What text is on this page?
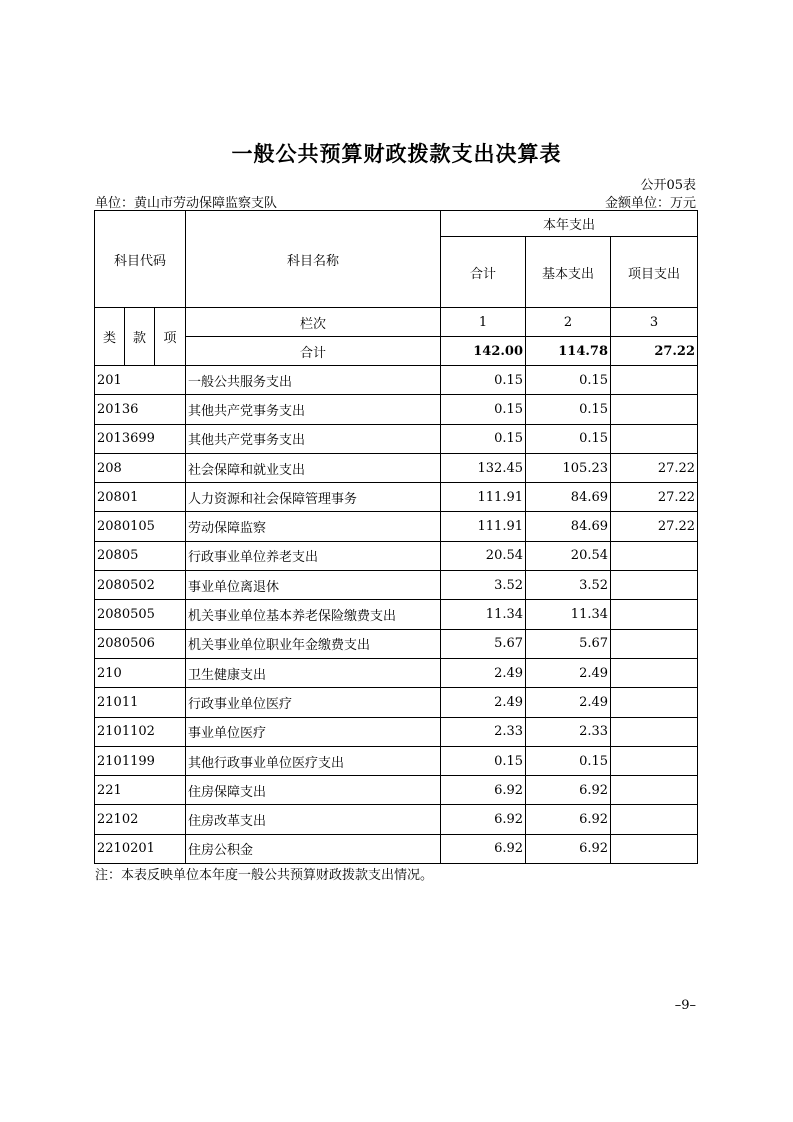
一般公共预算财政拨款支出决算表
公开05表
单位：黄山市劳动保障监察支队	金额单位：万元
科目代码			科目名称	本年支出		
				合计	基本支出	项目支出
类	款	项	栏次	1	2	3
			合计	142.00	114.78	27.22
201			一般公共服务支出	0.15	0.15	
20136			其他共产党事务支出	0.15	0.15	
2013699			其他共产党事务支出	0.15	0.15	
208			社会保障和就业支出	132.45	105.23	27.22
20801			人力资源和社会保障管理事务	111.91	84.69	27.22
2080105			劳动保障监察	111.91	84.69	27.22
20805			行政事业单位养老支出	20.54	20.54	
2080502			事业单位离退休	3.52	3.52	
2080505			机关事业单位基本养老保险缴费支出	11.34	11.34	
2080506			机关事业单位职业年金缴费支出	5.67	5.67	
210			卫生健康支出	2.49	2.49	
21011			行政事业单位医疗	2.49	2.49	
2101102			事业单位医疗	2.33	2.33	
2101199			其他行政事业单位医疗支出	0.15	0.15	
221			住房保障支出	6.92	6.92	
22102			住房改革支出	6.92	6.92	
2210201			住房公积金	6.92	6.92	
注：本表反映单位本年度一般公共预算财政拨款支出情况。
–9–
